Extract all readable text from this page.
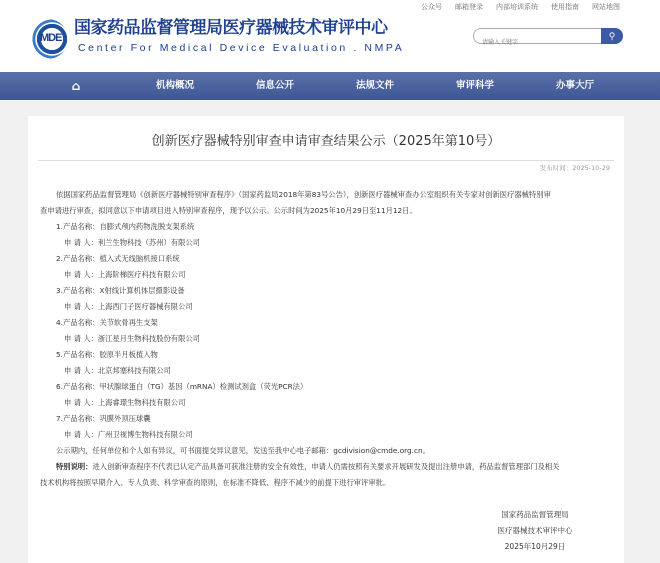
公众号 邮箱登录 内部培训系统 使用指南 网站地图
MDE 国家药品监督管理局医疗器械技术审评中心
Center For Medical Device Evaluation . NMPA
请输入关键字
⚲
⌂	机构概况	信息公开	法规文件	审评科学	办事大厅
创新医疗器械特别审查申请审查结果公示（2025年第10号）
发布时间：2025-10-29
依据国家药品监督管理局《创新医疗器械特别审查程序》（国家药监局2018年第83号公告），创新医疗器械审查办公室组织有关专家对创新医疗器械特别审
查申请进行审查，拟同意以下申请项目进入特别审查程序，现予以公示。公示时间为2025年10月29日至11月12日。
1.产品名称：自膨式颅内药物洗脱支架系统
申 请 人：利兰生物科技（苏州）有限公司
2.产品名称：植入式无线脑机接口系统
申 请 人：上海阶梯医疗科技有限公司
3.产品名称：X射线计算机体层摄影设备
申 请 人：上海西门子医疗器械有限公司
4.产品名称：关节软骨再生支架
申 请 人：浙江星月生物科技股份有限公司
5.产品名称：胶原半月板植入物
申 请 人：北京邦塞科技有限公司
6.产品名称：甲状腺球蛋白（TG）基因（mRNA）检测试剂盒（荧光PCR法）
申 请 人：上海睿璟生物科技有限公司
7.产品名称：巩膜外顶压球囊
申 请 人：广州卫视博生物科技有限公司
公示期内，任何单位和个人如有异议，可书面提交异议意见，发送至我中心电子邮箱：gcdivision@cmde.org.cn。
特别说明：进入创新审查程序不代表已认定产品具备可获准注册的安全有效性，申请人仍需按照有关要求开展研发及提出注册申请，药品监督管理部门及相关
技术机构将按照早期介入、专人负责、科学审查的原则，在标准不降低、程序不减少的前提下进行审评审批。
国家药品监督管理局
医疗器械技术审评中心
2025年10月29日
